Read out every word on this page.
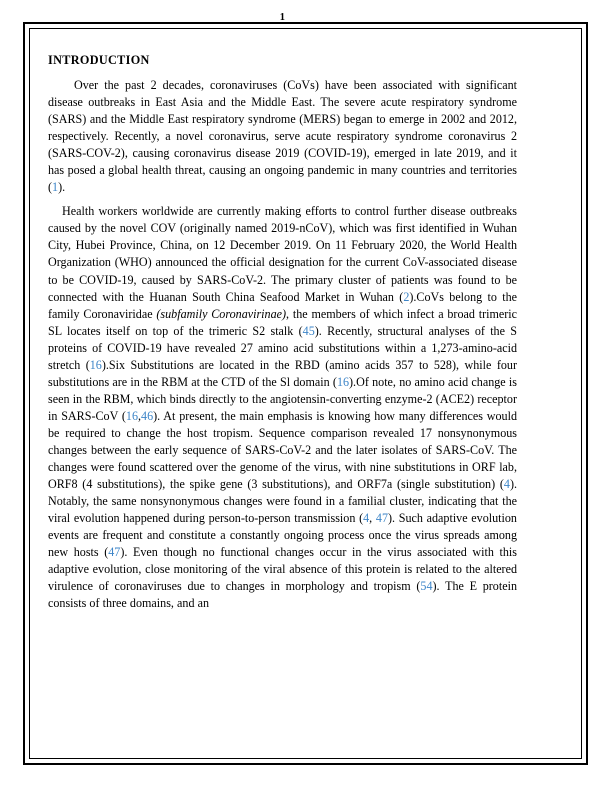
1
INTRODUCTION

Over the past 2 decades, coronaviruses (CoVs) have been associated with significant disease outbreaks in East Asia and the Middle East. The severe acute respiratory syndrome (SARS) and the Middle East respiratory syndrome (MERS) began to emerge in 2002 and 2012, respectively. Recently, a novel coronavirus, serve acute respiratory syndrome coronavirus 2 (SARS-COV-2), causing coronavirus disease 2019 (COVID-19), emerged in late 2019, and it has posed a global health threat, causing an ongoing pandemic in many countries and territories (1).

Health workers worldwide are currently making efforts to control further disease outbreaks caused by the novel COV (originally named 2019-nCoV), which was first identified in Wuhan City, Hubei Province, China, on 12 December 2019. On 11 February 2020, the World Health Organization (WHO) announced the official designation for the current CoV-associated disease to be COVID-19, caused by SARS-CoV-2. The primary cluster of patients was found to be connected with the Huanan South China Seafood Market in Wuhan (2).CoVs belong to the family Coronaviridae (subfamily Coronavirinae), the members of which infect a broad trimeric SL locates itself on top of the trimeric S2 stalk (45). Recently, structural analyses of the S proteins of COVID-19 have revealed 27 amino acid substitutions within a 1,273-amino-acid stretch (16).Six Substitutions are located in the RBD (amino acids 357 to 528), while four substitutions are in the RBM at the CTD of the Sl domain (16).Of note, no amino acid change is seen in the RBM, which binds directly to the angiotensin-converting enzyme-2 (ACE2) receptor in SARS-CoV (16,46). At present, the main emphasis is knowing how many differences would be required to change the host tropism. Sequence comparison revealed 17 nonsynonymous changes between the early sequence of SARS-CoV-2 and the later isolates of SARS-CoV. The changes were found scattered over the genome of the virus, with nine substitutions in ORF lab, ORF8 (4 substitutions), the spike gene (3 substitutions), and ORF7a (single substitution) (4). Notably, the same nonsynonymous changes were found in a familial cluster, indicating that the viral evolution happened during person-to-person transmission (4, 47). Such adaptive evolution events are frequent and constitute a constantly ongoing process once the virus spreads among new hosts (47). Even though no functional changes occur in the virus associated with this adaptive evolution, close monitoring of the viral absence of this protein is related to the altered virulence of coronaviruses due to changes in morphology and tropism (54). The E protein consists of three domains, and an
